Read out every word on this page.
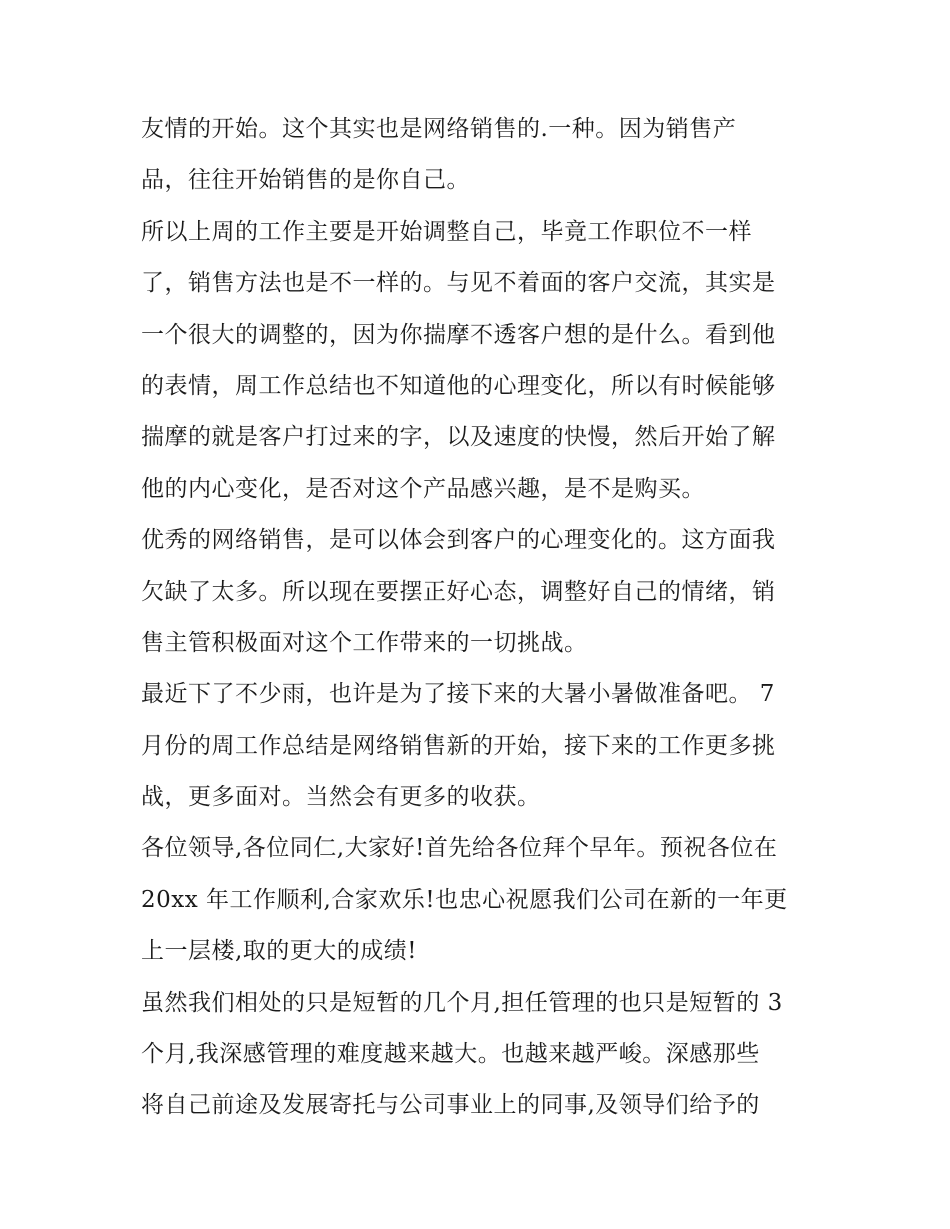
友情的开始。这个其实也是网络销售的.一种。因为销售产
品，往往开始销售的是你自己。
所以上周的工作主要是开始调整自己，毕竟工作职位不一样
了，销售方法也是不一样的。与见不着面的客户交流，其实是
一个很大的调整的，因为你揣摩不透客户想的是什么。看到他
的表情，周工作总结也不知道他的心理变化，所以有时候能够
揣摩的就是客户打过来的字，以及速度的快慢，然后开始了解
他的内心变化，是否对这个产品感兴趣，是不是购买。
优秀的网络销售，是可以体会到客户的心理变化的。这方面我
欠缺了太多。所以现在要摆正好心态，调整好自己的情绪，销
售主管积极面对这个工作带来的一切挑战。
最近下了不少雨，也许是为了接下来的大暑小暑做准备吧。 7
月份的周工作总结是网络销售新的开始，接下来的工作更多挑
战，更多面对。当然会有更多的收获。
各位领导,各位同仁,大家好!首先给各位拜个早年。预祝各位在
20xx 年工作顺利,合家欢乐!也忠心祝愿我们公司在新的一年更
上一层楼,取的更大的成绩!
虽然我们相处的只是短暂的几个月,担任管理的也只是短暂的 3
个月,我深感管理的难度越来越大。也越来越严峻。深感那些
将自己前途及发展寄托与公司事业上的同事,及领导们给予的
